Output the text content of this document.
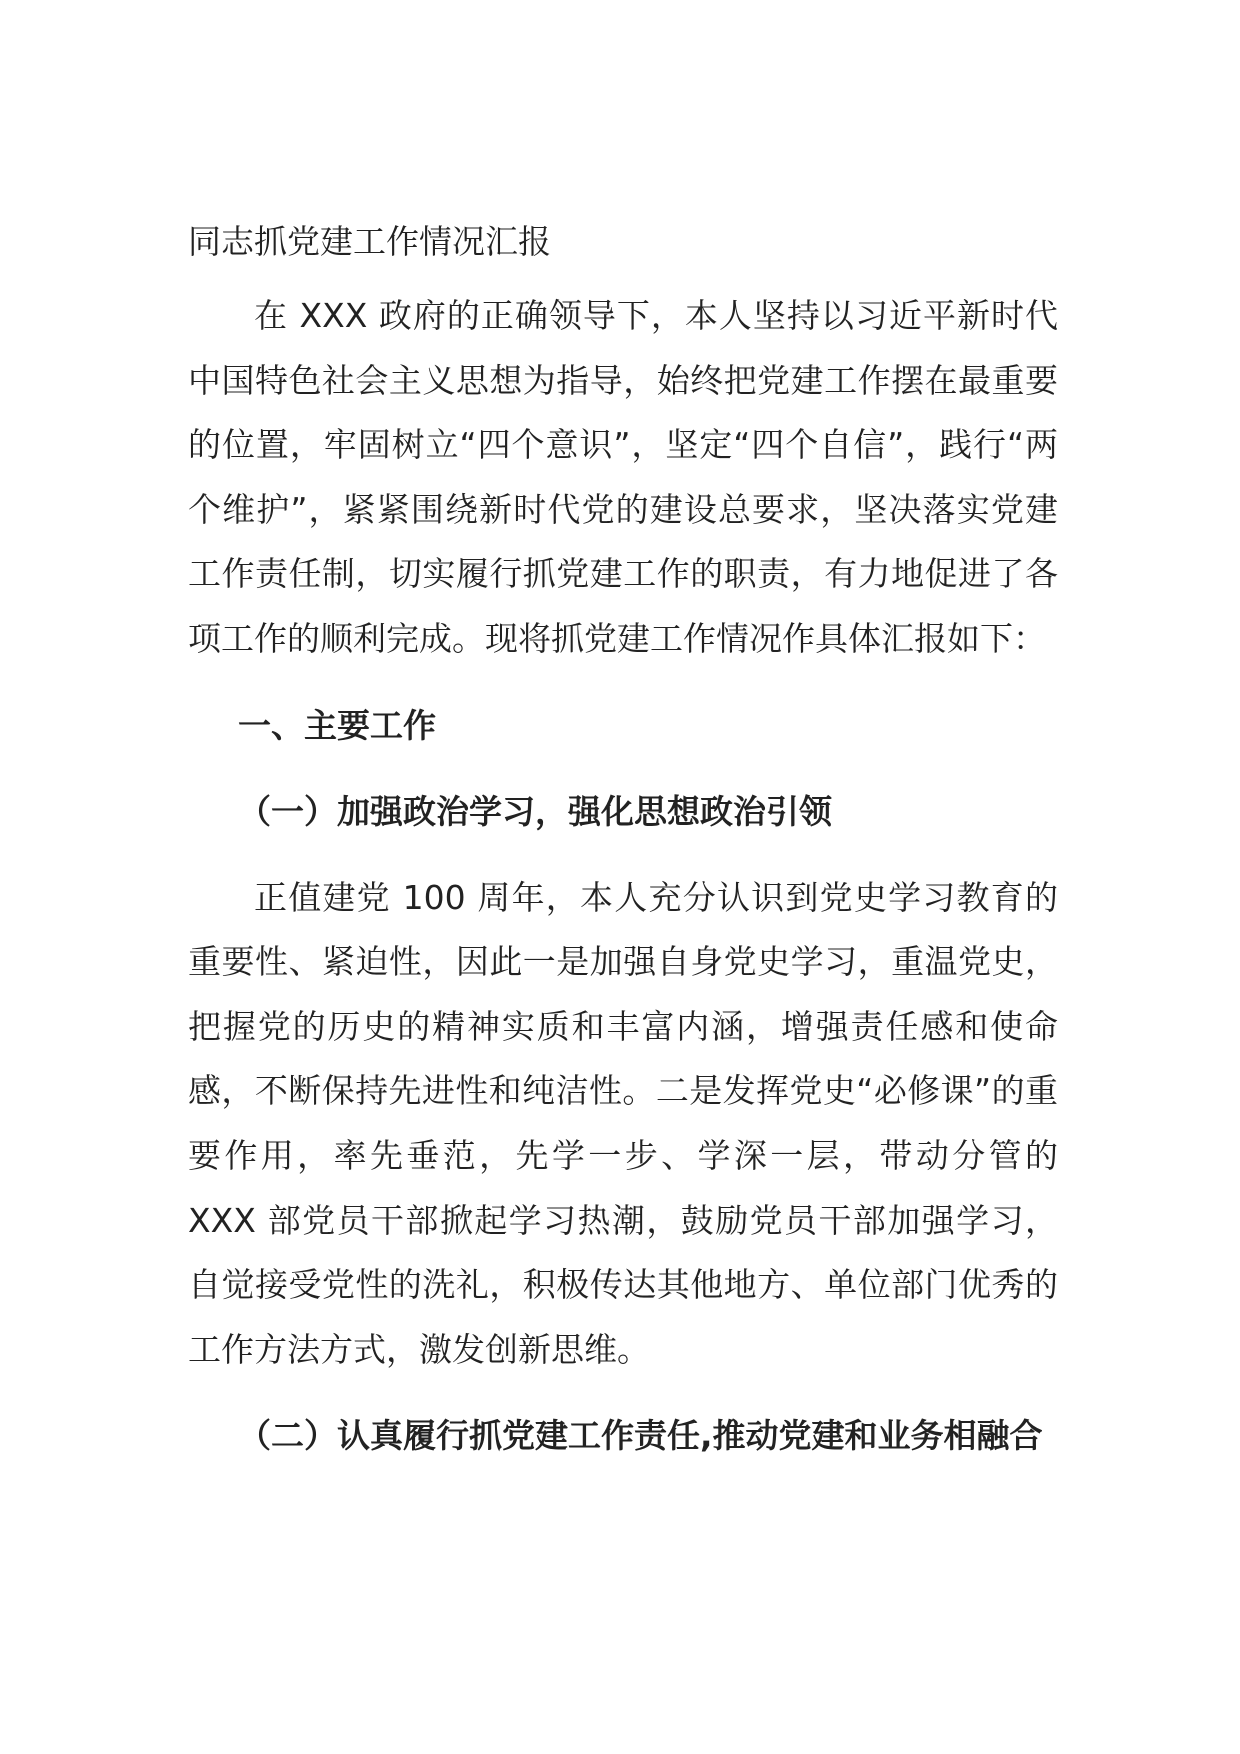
同志抓党建工作情况汇报

在 XXX 政府的正确领导下，本人坚持以习近平新时代中国特色社会主义思想为指导，始终把党建工作摆在最重要的位置，牢固树立“四个意识”，坚定“四个自信”，践行“两个维护”，紧紧围绕新时代党的建设总要求，坚决落实党建工作责任制，切实履行抓党建工作的职责，有力地促进了各项工作的顺利完成。现将抓党建工作情况作具体汇报如下：

一、主要工作
（一）加强政治学习，强化思想政治引领

正值建党 100 周年，本人充分认识到党史学习教育的重要性、紧迫性，因此一是加强自身党史学习，重温党史，把握党的历史的精神实质和丰富内涵，增强责任感和使命感，不断保持先进性和纯洁性。二是发挥党史“必修课”的重要作用，率先垂范，先学一步、学深一层，带动分管的 XXX 部党员干部掀起学习热潮，鼓励党员干部加强学习，自觉接受党性的洗礼，积极传达其他地方、单位部门优秀的工作方法方式，激发创新思维。

（二）认真履行抓党建工作责任,推动党建和业务相融合
